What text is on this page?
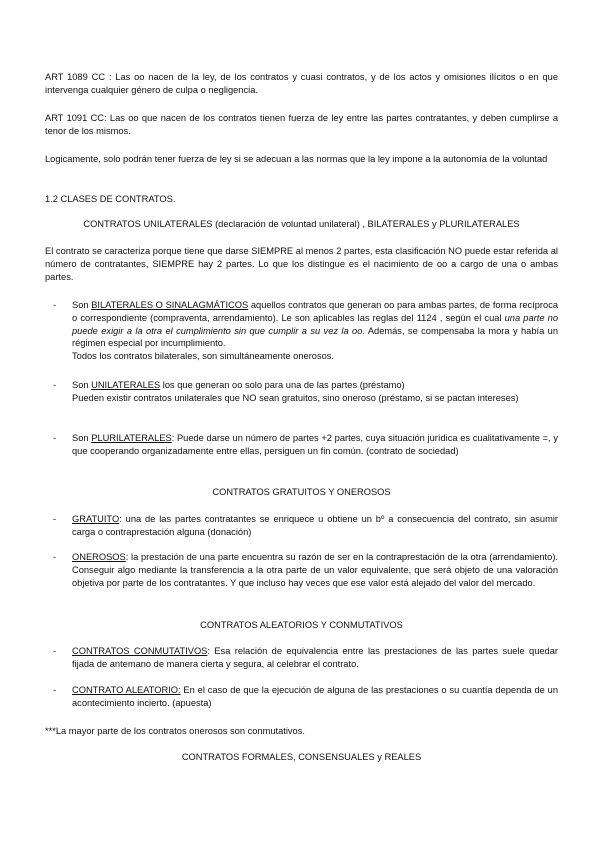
ART 1089 CC : Las oo nacen de la ley, de los contratos y cuasi contratos, y de los actos y omisiones ilícitos o en que intervenga cualquier género de culpa o negligencia.

ART 1091 CC: Las oo que nacen de los contratos tienen fuerza de ley entre las partes contratantes, y deben cumplirse a tenor de los mismos.

Logicamente, solo podrán tener fuerza de ley si se adecuan a las normas que la ley impone a la autonomía de la voluntad

1.2 CLASES DE CONTRATOS.

CONTRATOS UNILATERALES (declaración de voluntad unilateral) , BILATERALES y PLURILATERALES

El contrato se caracteriza porque tiene que darse SIEMPRE al menos 2 partes, esta clasificación NO puede estar referida al número de contratantes, SIEMPRE hay 2 partes. Lo que los distingue es el nacimiento de oo a cargo de una o ambas partes.

- Son BILATERALES O SINALAGMÁTICOS aquellos contratos que generan oo para ambas partes, de forma recíproca o correspondiente (compraventa, arrendamiento). Le son aplicables las reglas del 1124 , según el cual una parte no puede exigir a la otra el cumplimiento sin que cumplir a su vez la oo. Además, se compensaba la mora y había un régimen especial por incumplimiento.
Todos los contratos bilaterales, son simultáneamente onerosos.

- Son UNILATERALES los que generan oo solo para una de las partes (préstamo)
Pueden existir contratos unilaterales que NO sean gratuitos, sino oneroso (préstamo, si se pactan intereses)

- Son PLURILATERALES: Puede darse un número de partes +2 partes, cuya situación jurídica es cualitativamente =, y que cooperando organizadamente entre ellas, persiguen un fin común. (contrato de sociedad)

CONTRATOS GRATUITOS Y ONEROSOS

- GRATUITO: una de las partes contratantes se enriquece u obtiene un bº a consecuencia del contrato, sin asumir carga o contraprestación alguna (donación)

- ONEROSOS: la prestación de una parte encuentra su razón de ser en la contraprestación de la otra (arrendamiento). Conseguir algo mediante la transferencia a la otra parte de un valor equivalente, que será objeto de una valoración objetiva por parte de los contratantes. Y que incluso hay veces que ese valor está alejado del valor del mercado.

CONTRATOS ALEATORIOS Y CONMUTATIVOS

- CONTRATOS CONMUTATIVOS: Esa relación de equivalencia entre las prestaciones de las partes suele quedar fijada de antemano de manera cierta y segura, al celebrar el contrato.

- CONTRATO ALEATORIO: En el caso de que la ejecución de alguna de las prestaciones o su cuantía dependa de un acontecimiento incierto. (apuesta)

***La mayor parte de los contratos onerosos son conmutativos.

CONTRATOS FORMALES, CONSENSUALES y REALES
